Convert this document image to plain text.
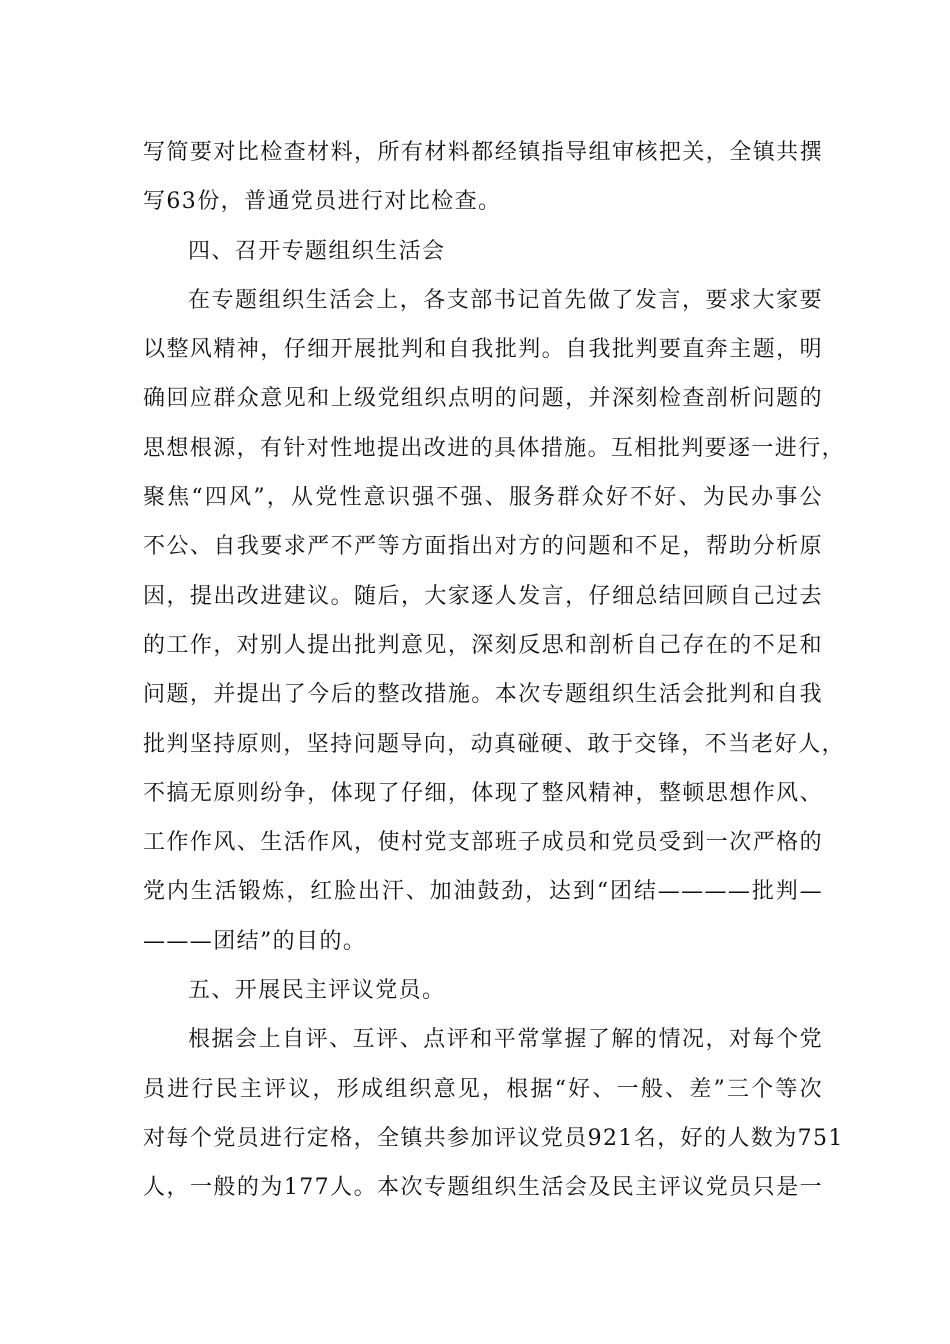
写简要对比检查材料，所有材料都经镇指导组审核把关，全镇共撰
写63份，普通党员进行对比检查。
四、召开专题组织生活会
在专题组织生活会上，各支部书记首先做了发言，要求大家要
以整风精神，仔细开展批判和自我批判。自我批判要直奔主题，明
确回应群众意见和上级党组织点明的问题，并深刻检查剖析问题的
思想根源，有针对性地提出改进的具体措施。互相批判要逐一进行，
聚焦“四风”，从党性意识强不强、服务群众好不好、为民办事公
不公、自我要求严不严等方面指出对方的问题和不足，帮助分析原
因，提出改进建议。随后，大家逐人发言，仔细总结回顾自己过去
的工作，对别人提出批判意见，深刻反思和剖析自己存在的不足和
问题，并提出了今后的整改措施。本次专题组织生活会批判和自我
批判坚持原则，坚持问题导向，动真碰硬、敢于交锋，不当老好人，
不搞无原则纷争，体现了仔细，体现了整风精神，整顿思想作风、
工作作风、生活作风，使村党支部班子成员和党员受到一次严格的
党内生活锻炼，红脸出汗、加油鼓劲，达到“团结————批判—
———团结”的目的。
五、开展民主评议党员。
根据会上自评、互评、点评和平常掌握了解的情况，对每个党
员进行民主评议，形成组织意见，根据“好、一般、差”三个等次
对每个党员进行定格，全镇共参加评议党员921名，好的人数为751
人，一般的为177人。本次专题组织生活会及民主评议党员只是一
